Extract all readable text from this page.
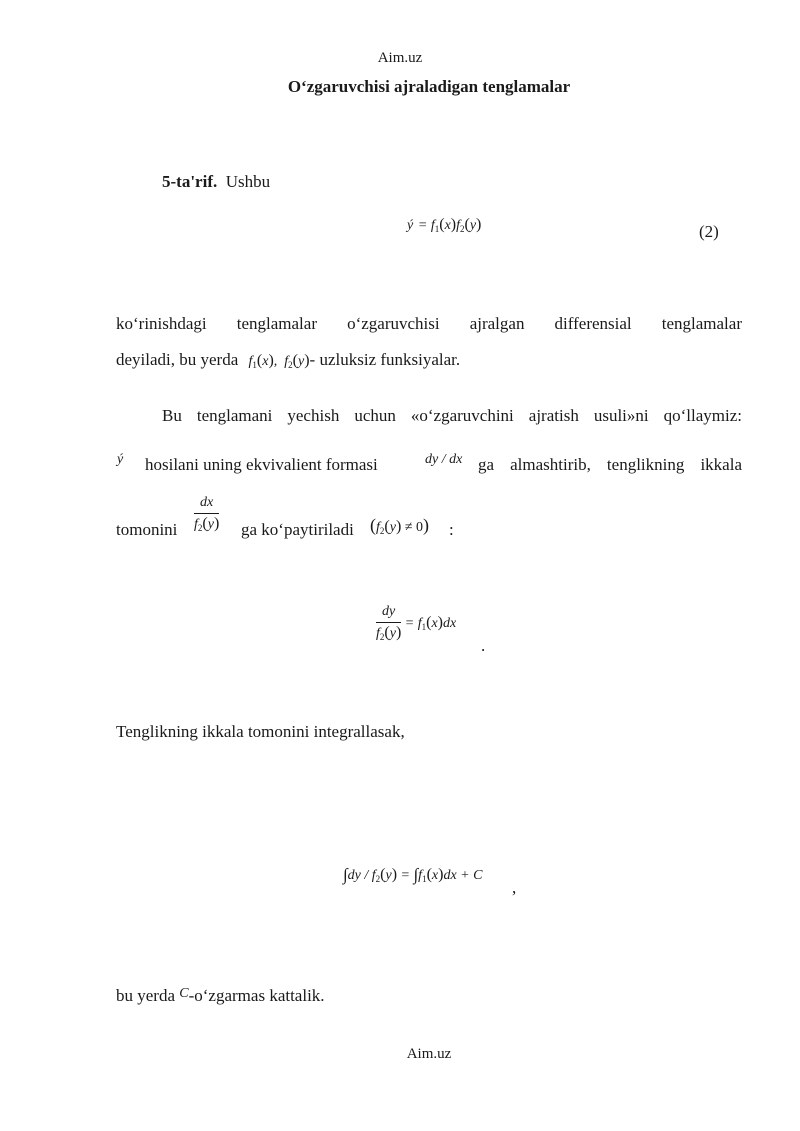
Aim.uz
O‘zgaruvchisi ajraladigan tenglamalar
5-ta'rif. Ushbu
ý  = $f_1(x)f_2(y)$	(2)
ko‘rinishdagi tenglamalar o‘zgaruvchisi ajralgan differensial tenglamalar
deyiladi, bu yerda $f_1(x)$,  $f_2(y)-$ uzluksiz funksiyalar.
Bu tenglamani yechish uchun «o‘zgaruvchini ajratish usuli»ni qo‘llaymiz:
ý hosilani uning ekvivalient formasi	dy / dx ga almashtirib, tenglikning ikkala
tomonini $\frac{dx}{f_2(y)}$ ga ko‘paytiriladi $(f_2(y) \ne 0)$ :
$\frac{dy}{f_2(y)} = f_1(x)dx$
.
Tenglikning ikkala tomonini integrallasak,
$\int dy / f_2(y) = \int f_1(x)dx + C$
,
bu yerda $^C$-o‘zgarmas kattalik.
Aim.uz
